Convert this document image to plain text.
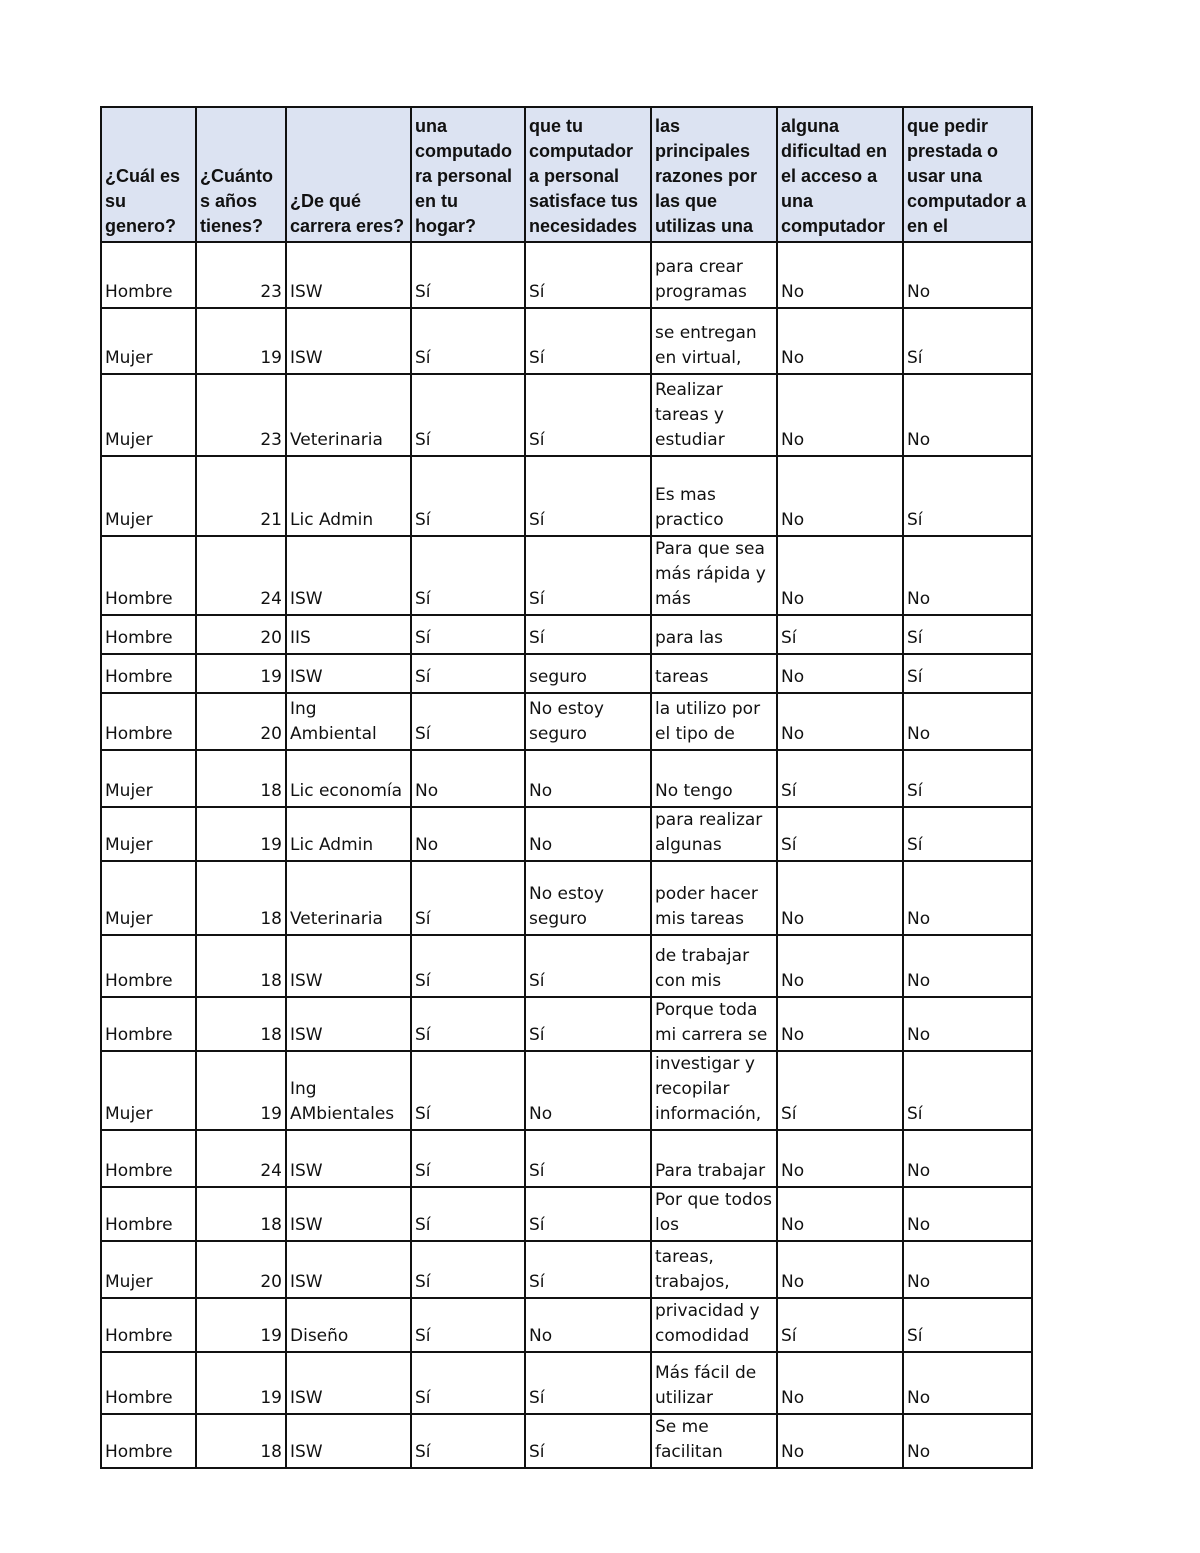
¿Cuál es su genero?	¿Cuánto s años tienes?	¿De qué carrera eres?	una computado ra personal en tu hogar?	que tu computador a personal satisface tus necesidades	las principales razones por las que utilizas una	alguna dificultad en el acceso a una computador	que pedir prestada o usar una computador a en el
Hombre	23	ISW	Sí	Sí	para crear programas	No	No
Mujer	19	ISW	Sí	Sí	se entregan en virtual,	No	Sí
Mujer	23	Veterinaria	Sí	Sí	Realizar tareas y estudiar	No	No
Mujer	21	Lic Admin	Sí	Sí	Es mas practico	No	Sí
Hombre	24	ISW	Sí	Sí	Para que sea más rápida y más	No	No
Hombre	20	IIS	Sí	Sí	para las	Sí	Sí
Hombre	19	ISW	Sí	seguro	tareas	No	Sí
Hombre	20	Ing Ambiental	Sí	No estoy seguro	la utilizo por el tipo de	No	No
Mujer	18	Lic economía	No	No	No tengo	Sí	Sí
Mujer	19	Lic Admin	No	No	para realizar algunas	Sí	Sí
Mujer	18	Veterinaria	Sí	No estoy seguro	poder hacer mis tareas	No	No
Hombre	18	ISW	Sí	Sí	de trabajar con mis	No	No
Hombre	18	ISW	Sí	Sí	Porque toda mi carrera se	No	No
Mujer	19	Ing AMbientales	Sí	No	investigar y recopilar información,	Sí	Sí
Hombre	24	ISW	Sí	Sí	Para trabajar	No	No
Hombre	18	ISW	Sí	Sí	Por que todos los	No	No
Mujer	20	ISW	Sí	Sí	tareas, trabajos,	No	No
Hombre	19	Diseño	Sí	No	privacidad y comodidad	Sí	Sí
Hombre	19	ISW	Sí	Sí	Más fácil de utilizar	No	No
Hombre	18	ISW	Sí	Sí	Se me facilitan	No	No
